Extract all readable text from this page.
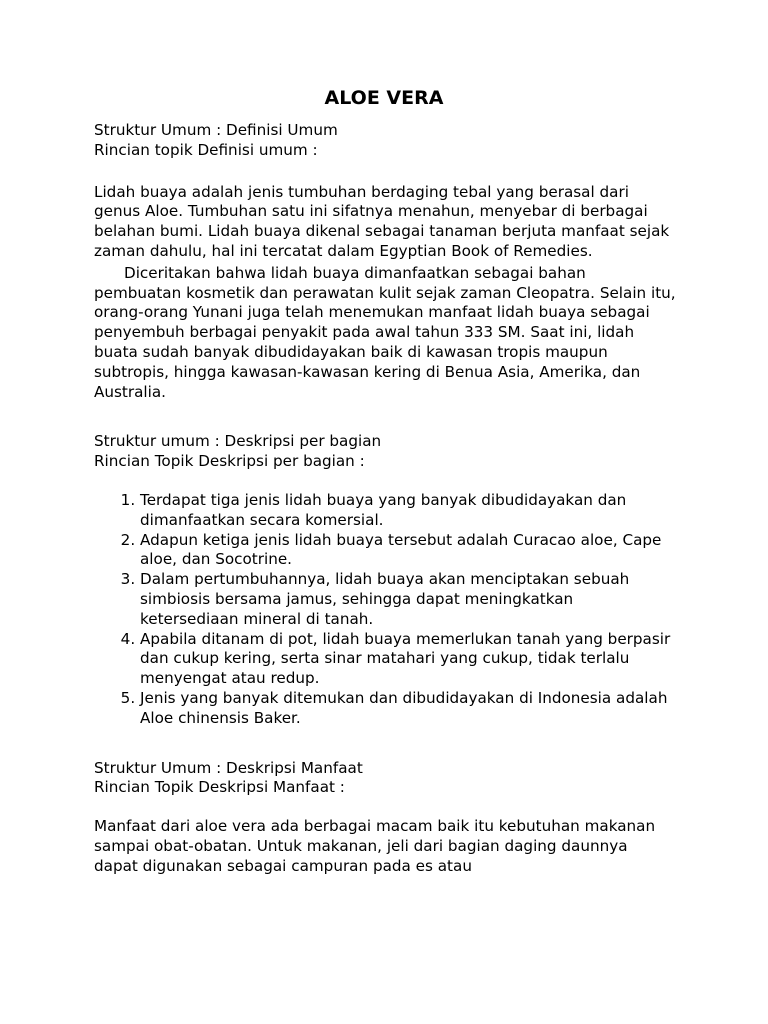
ALOE VERA

Struktur Umum : Definisi Umum

Rincian topik Definisi umum :

Lidah buaya adalah jenis tumbuhan berdaging tebal yang berasal dari genus Aloe. Tumbuhan satu ini sifatnya menahun, menyebar di berbagai belahan bumi. Lidah buaya dikenal sebagai tanaman berjuta manfaat sejak zaman dahulu, hal ini tercatat dalam Egyptian Book of Remedies.

Diceritakan bahwa lidah buaya dimanfaatkan sebagai bahan pembuatan kosmetik dan perawatan kulit sejak zaman Cleopatra. Selain itu, orang-orang Yunani juga telah menemukan manfaat lidah buaya sebagai penyembuh berbagai penyakit pada awal tahun 333 SM. Saat ini, lidah buata sudah banyak dibudidayakan baik di kawasan tropis maupun subtropis, hingga kawasan-kawasan kering di Benua Asia, Amerika, dan Australia.

Struktur umum : Deskripsi per bagian

Rincian Topik Deskripsi per bagian :

1. Terdapat tiga jenis lidah buaya yang banyak dibudidayakan dan dimanfaatkan secara komersial.
2. Adapun ketiga jenis lidah buaya tersebut adalah Curacao aloe, Cape aloe, dan Socotrine.
3. Dalam pertumbuhannya, lidah buaya akan menciptakan sebuah simbiosis bersama jamus, sehingga dapat meningkatkan ketersediaan mineral di tanah.
4. Apabila ditanam di pot, lidah buaya memerlukan tanah yang berpasir dan cukup kering, serta sinar matahari yang cukup, tidak terlalu menyengat atau redup.
5. Jenis yang banyak ditemukan dan dibudidayakan di Indonesia adalah Aloe chinensis Baker.

Struktur Umum : Deskripsi Manfaat

Rincian Topik Deskripsi Manfaat :

Manfaat dari aloe vera ada berbagai macam baik itu kebutuhan makanan sampai obat-obatan. Untuk makanan, jeli dari bagian daging daunnya dapat digunakan sebagai campuran pada es atau
